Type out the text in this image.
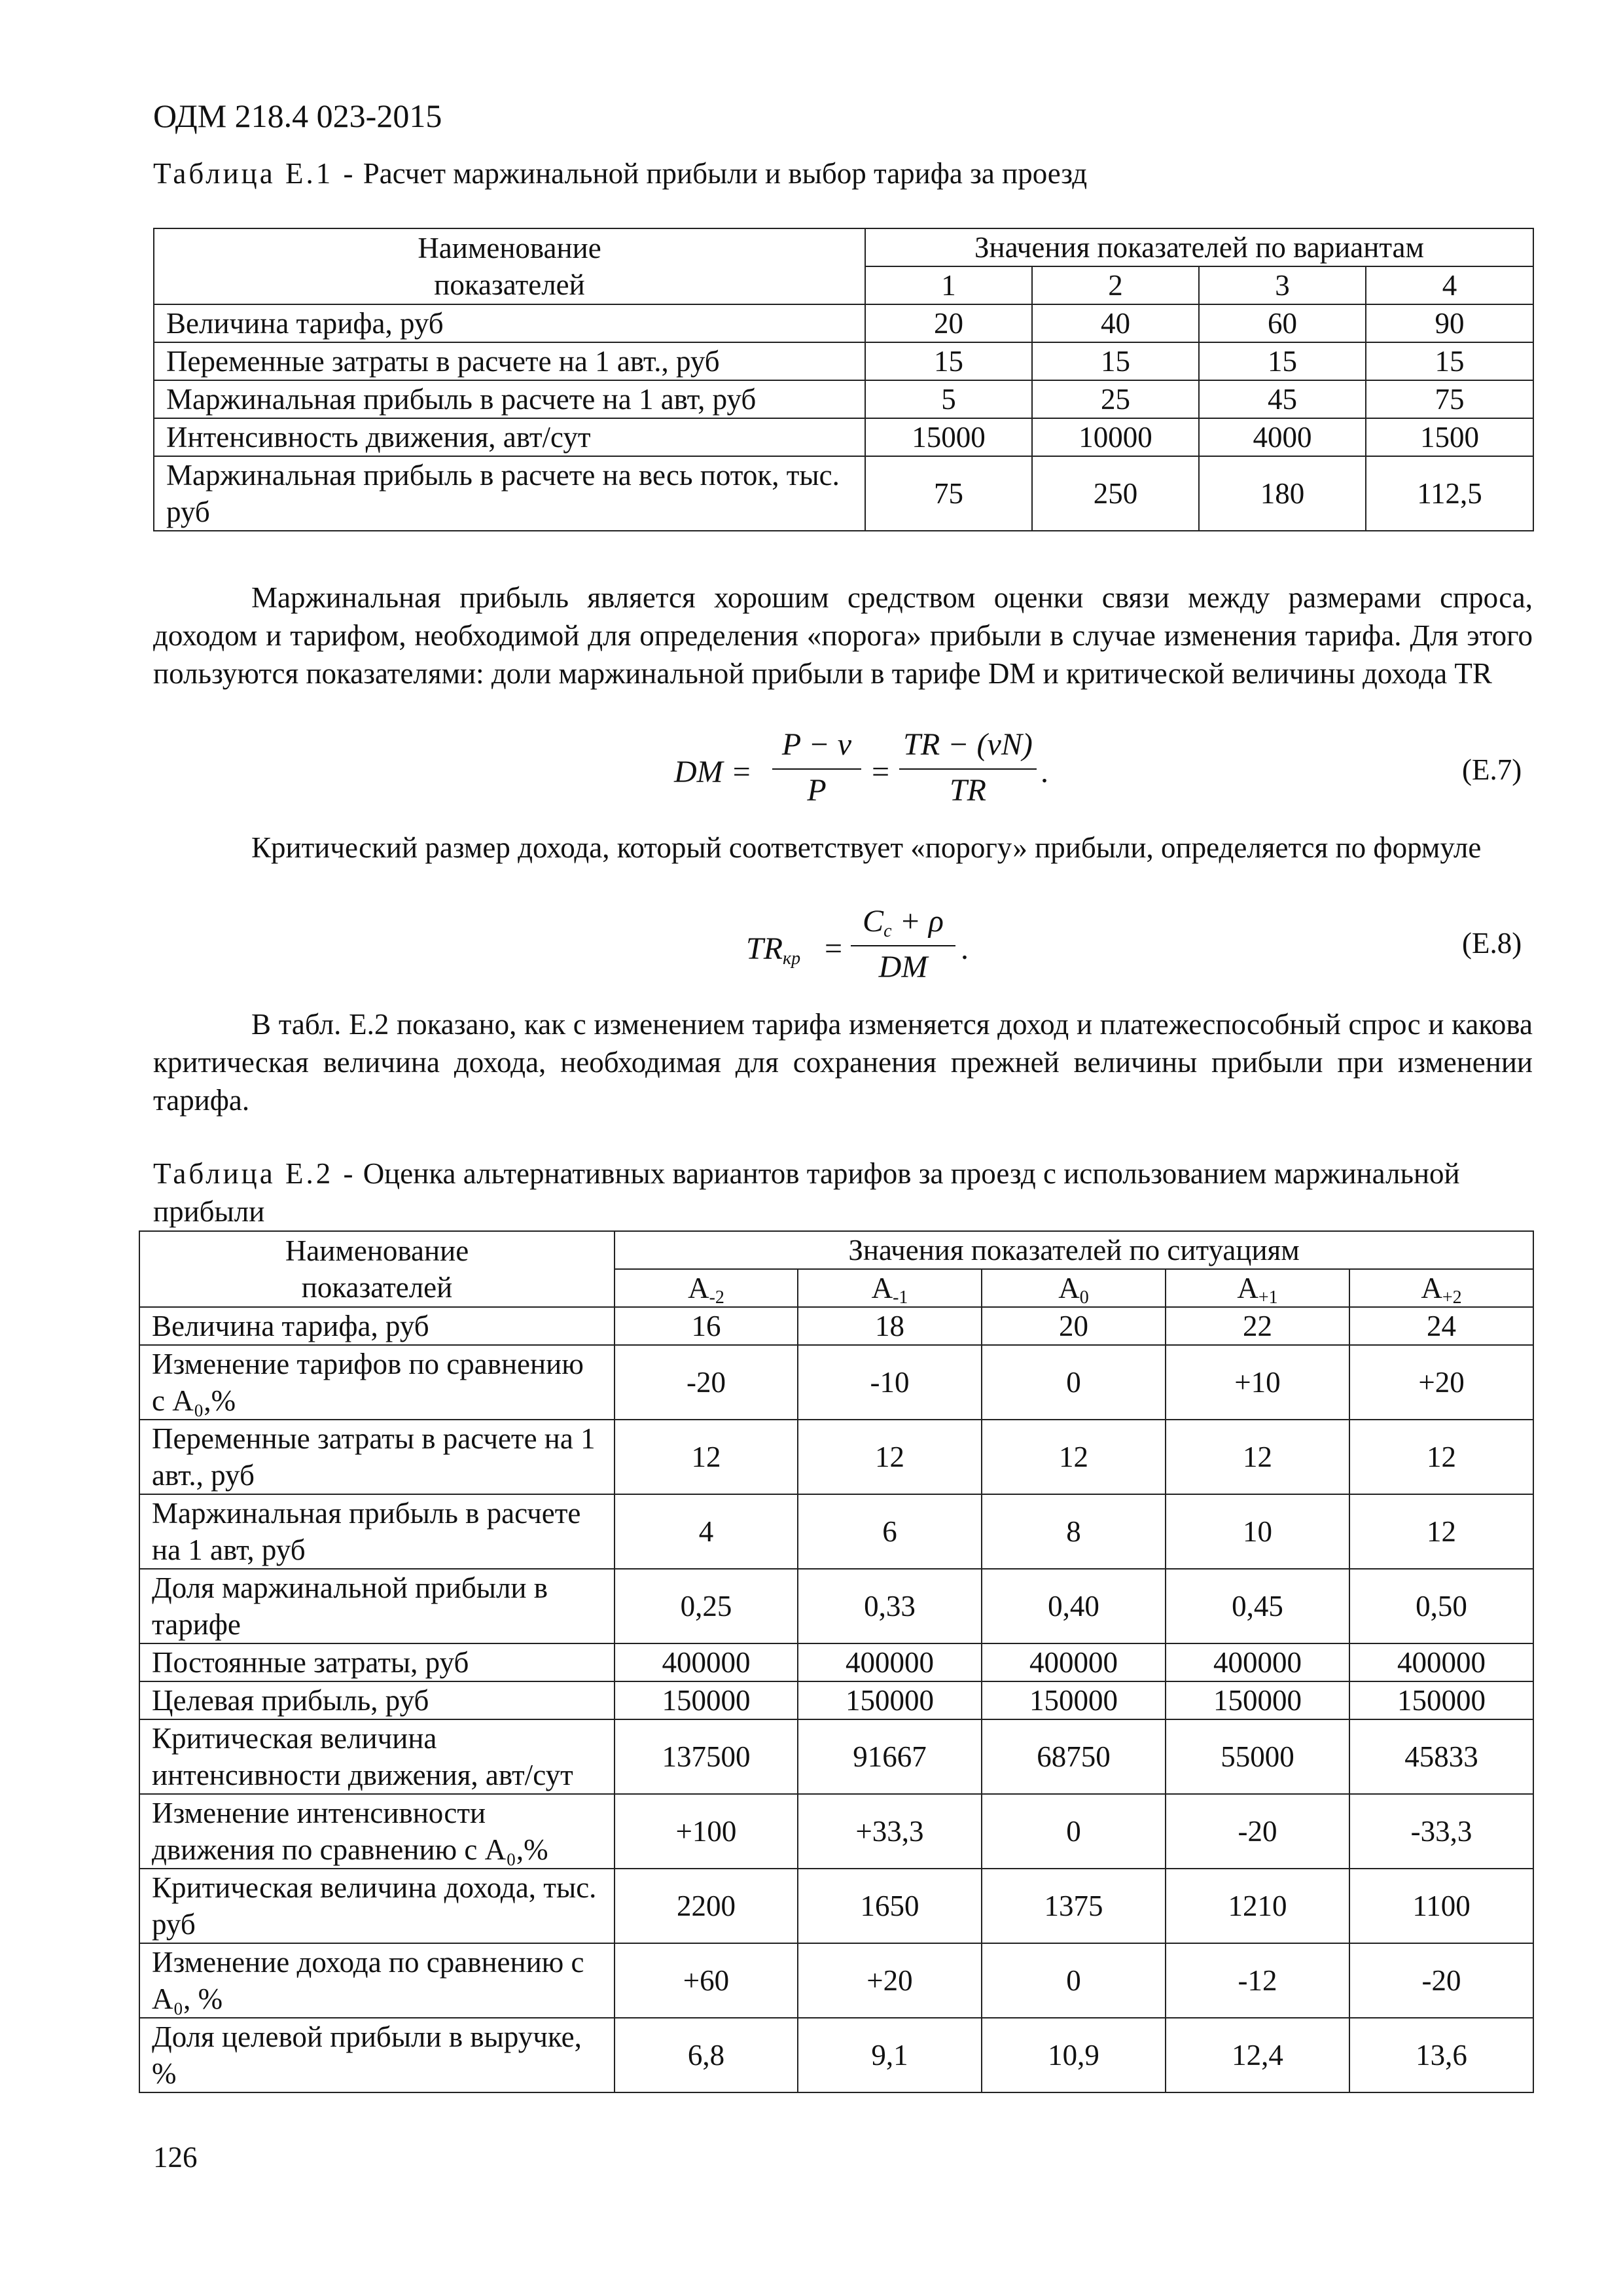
ОДМ 218.4 023-2015
Таблица Е.1 - Расчет маржинальной прибыли и выбор тарифа за проезд
Наименование
показателей	Значения показателей по вариантам			
	1	2	3	4
Величина тарифа, руб	20	40	60	90
Переменные затраты в расчете на 1 авт., руб	15	15	15	15
Маржинальная прибыль в расчете на 1 авт, руб	5	25	45	75
Интенсивность движения, авт/сут	15000	10000	4000	1500
Маржинальная прибыль в расчете на весь поток, тыс. руб	75	250	180	112,5
Маржинальная прибыль является хорошим средством оценки связи между размерами спроса, доходом и тарифом, необходимой для определения «порога» прибыли в случае изменения тарифа. Для этого пользуются показателями: доли маржинальной прибыли в тарифе DM и критической величины дохода TR
DM =
P − v
P
=
TR − (vN)
TR
.	(Е.7)
Критический размер дохода, который соответствует «порогу» прибыли, определяется по формуле
$TR_{кр}$ =
$C_c + \rho$
DM
.	(Е.8)
В табл. Е.2 показано, как с изменением тарифа изменяется доход и платежеспособный спрос и какова критическая величина дохода, необходимая для сохранения прежней величины прибыли при изменении тарифа.
Таблица Е.2 - Оценка альтернативных вариантов тарифов за проезд с использованием маржинальной прибыли
Наименование
показателей	Значения показателей по ситуациям				
	$А_{-2}$	$А_{-1}$	$А_0$	$А_{+1}$	$А_{+2}$
Величина тарифа, руб	16	18	20	22	24
Изменение тарифов по сравнению с А₀,%	-20	-10	0	+10	+20
Переменные затраты в расчете на 1 авт., руб	12	12	12	12	12
Маржинальная прибыль в расчете на 1 авт, руб	4	6	8	10	12
Доля маржинальной прибыли в тарифе	0,25	0,33	0,40	0,45	0,50
Постоянные затраты, руб	400000	400000	400000	400000	400000
Целевая прибыль, руб	150000	150000	150000	150000	150000
Критическая величина интенсивности движения, авт/сут	137500	91667	68750	55000	45833
Изменение интенсивности движения по сравнению с А₀,%	+100	+33,3	0	-20	-33,3
Критическая величина дохода, тыс. руб	2200	1650	1375	1210	1100
Изменение дохода по сравнению с А₀, %	+60	+20	0	-12	-20
Доля целевой прибыли в выручке, %	6,8	9,1	10,9	12,4	13,6
126
